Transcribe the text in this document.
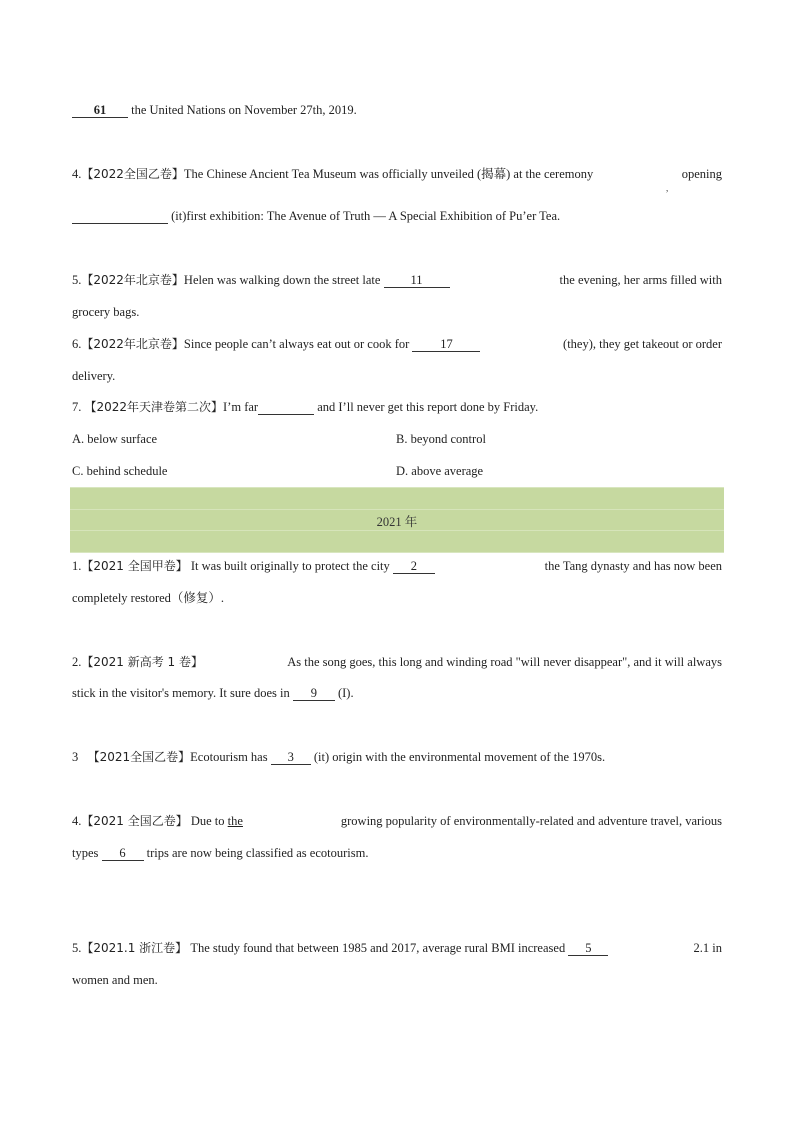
61 the United Nations on November 27th, 2019.
4.【2022全国乙卷】The Chinese Ancient Tea Museum was officially unveiled (揭幕) at the ceremony	opening
,
(it)first exhibition: The Avenue of Truth — A Special Exhibition of Pu’er Tea.
5.【2022年北京卷】Helen was walking down the street late 11	the evening, her arms filled with
grocery bags.
6.【2022年北京卷】Since people can’t always eat out or cook for 17	(they), they get takeout or order
delivery.
7. 【2022年天津卷第二次】I’m far	and I’ll never get this report done by Friday.
A. below surface	B. beyond control
C. behind schedule	D. above average
2021 年
1.【2021 全国甲卷】 It was built originally to protect the city 2	the Tang dynasty and has now been
completely restored（修复）.
2.【2021 新高考 1 卷】	As the song goes, this long and winding road "will never disappear", and it will always
stick in the visitor's memory. It sure does in 9 (I).
3 【2021全国乙卷】Ecotourism has 3 (it) origin with the environmental movement of the 1970s.
4.【2021 全国乙卷】 Due to the	growing popularity of environmentally-related and adventure travel, various
types 6 trips are now being classified as ecotourism.
5.【2021.1 浙江卷】 The study found that between 1985 and 2017, average rural BMI increased 5	2.1 in
women and men.
